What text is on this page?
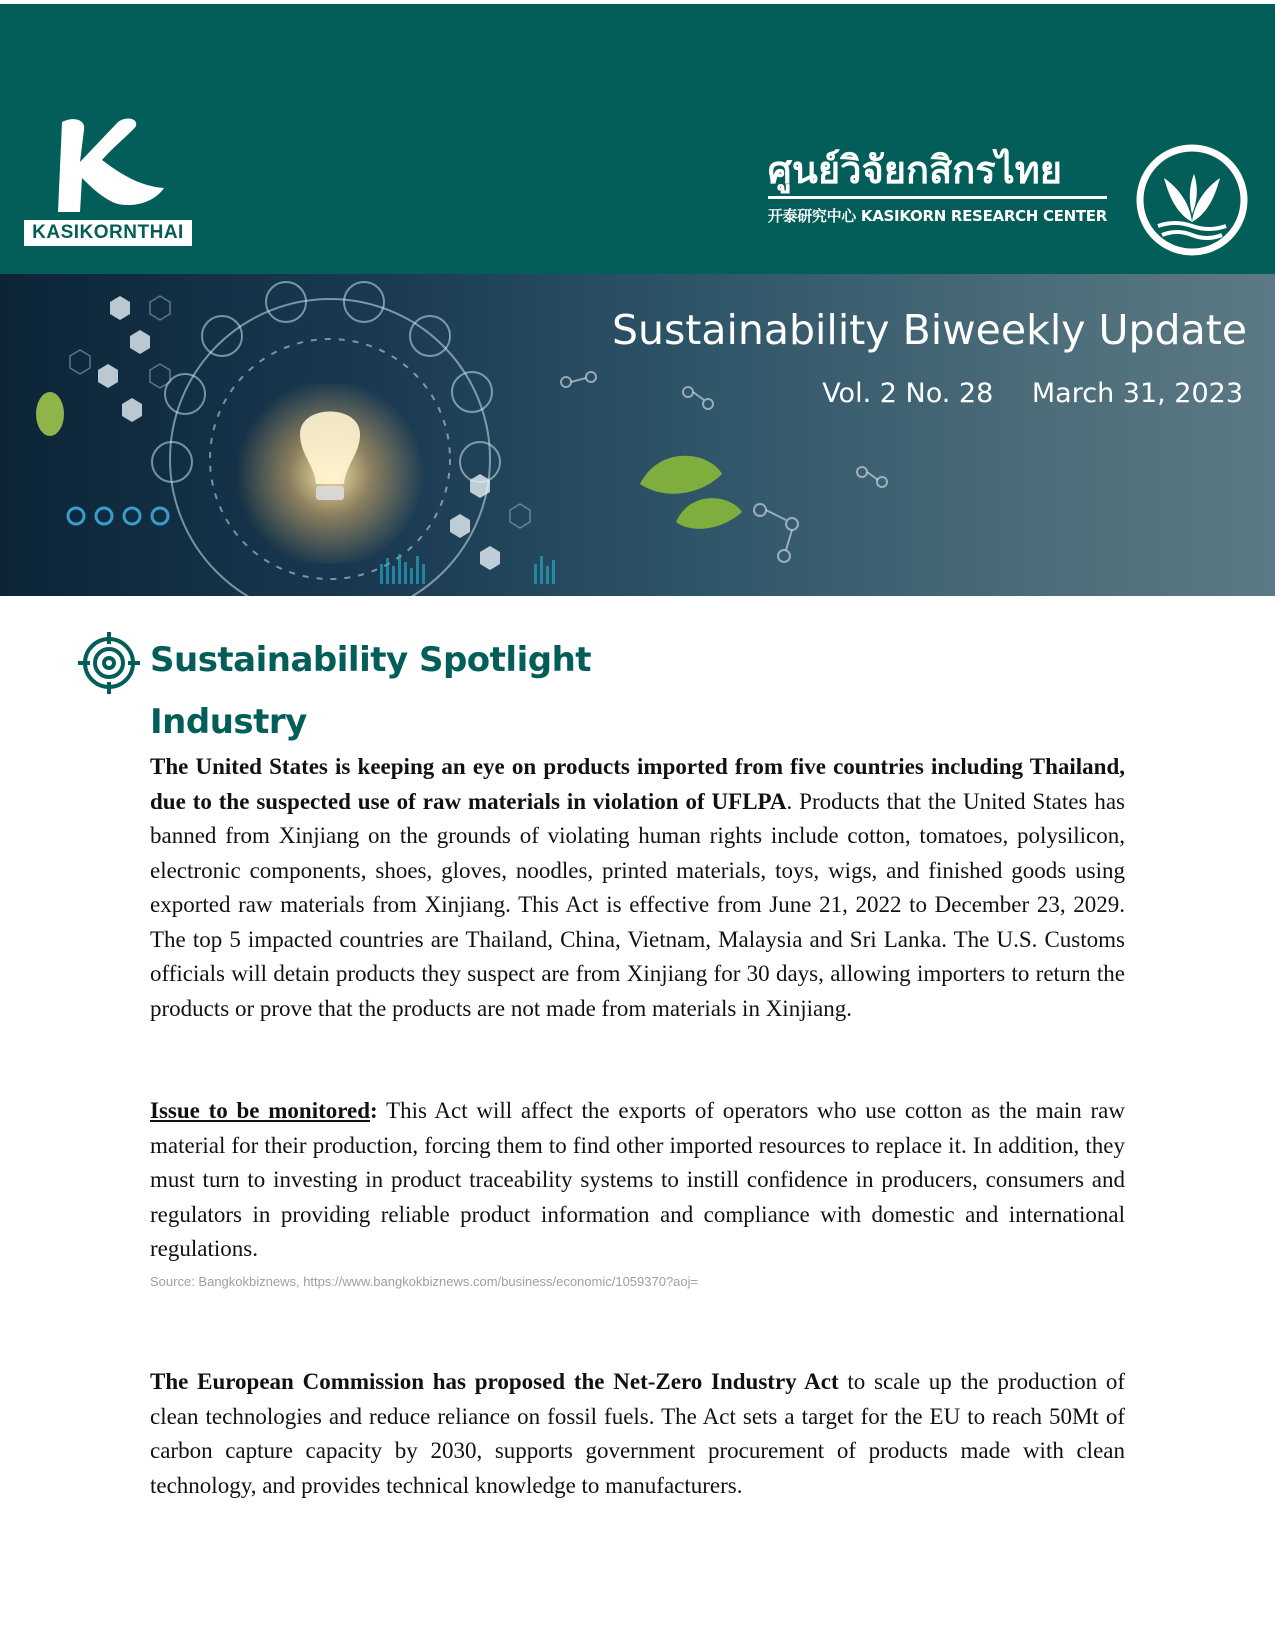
KASIKORNTHAI
ศูนย์วิจัยกสิกรไทย
开泰研究中心 KASIKORN RESEARCH CENTER
Sustainability Biweekly Update
Vol. 2 No. 28 March 31, 2023
Sustainability Spotlight
Industry

The United States is keeping an eye on products imported from five countries including Thailand, due to the suspected use of raw materials in violation of UFLPA. Products that the United States has banned from Xinjiang on the grounds of violating human rights include cotton, tomatoes, polysilicon, electronic components, shoes, gloves, noodles, printed materials, toys, wigs, and finished goods using exported raw materials from Xinjiang. This Act is effective from June 21, 2022 to December 23, 2029. The top 5 impacted countries are Thailand, China, Vietnam, Malaysia and Sri Lanka. The U.S. Customs officials will detain products they suspect are from Xinjiang for 30 days, allowing importers to return the products or prove that the products are not made from materials in Xinjiang.

Issue to be monitored: This Act will affect the exports of operators who use cotton as the main raw material for their production, forcing them to find other imported resources to replace it. In addition, they must turn to investing in product traceability systems to instill confidence in producers, consumers and regulators in providing reliable product information and compliance with domestic and international regulations.

Source: Bangkokbiznews, https://www.bangkokbiznews.com/business/economic/1059370?aoj=

The European Commission has proposed the Net-Zero Industry Act to scale up the production of clean technologies and reduce reliance on fossil fuels. The Act sets a target for the EU to reach 50Mt of carbon capture capacity by 2030, supports government procurement of products made with clean technology, and provides technical knowledge to manufacturers.
